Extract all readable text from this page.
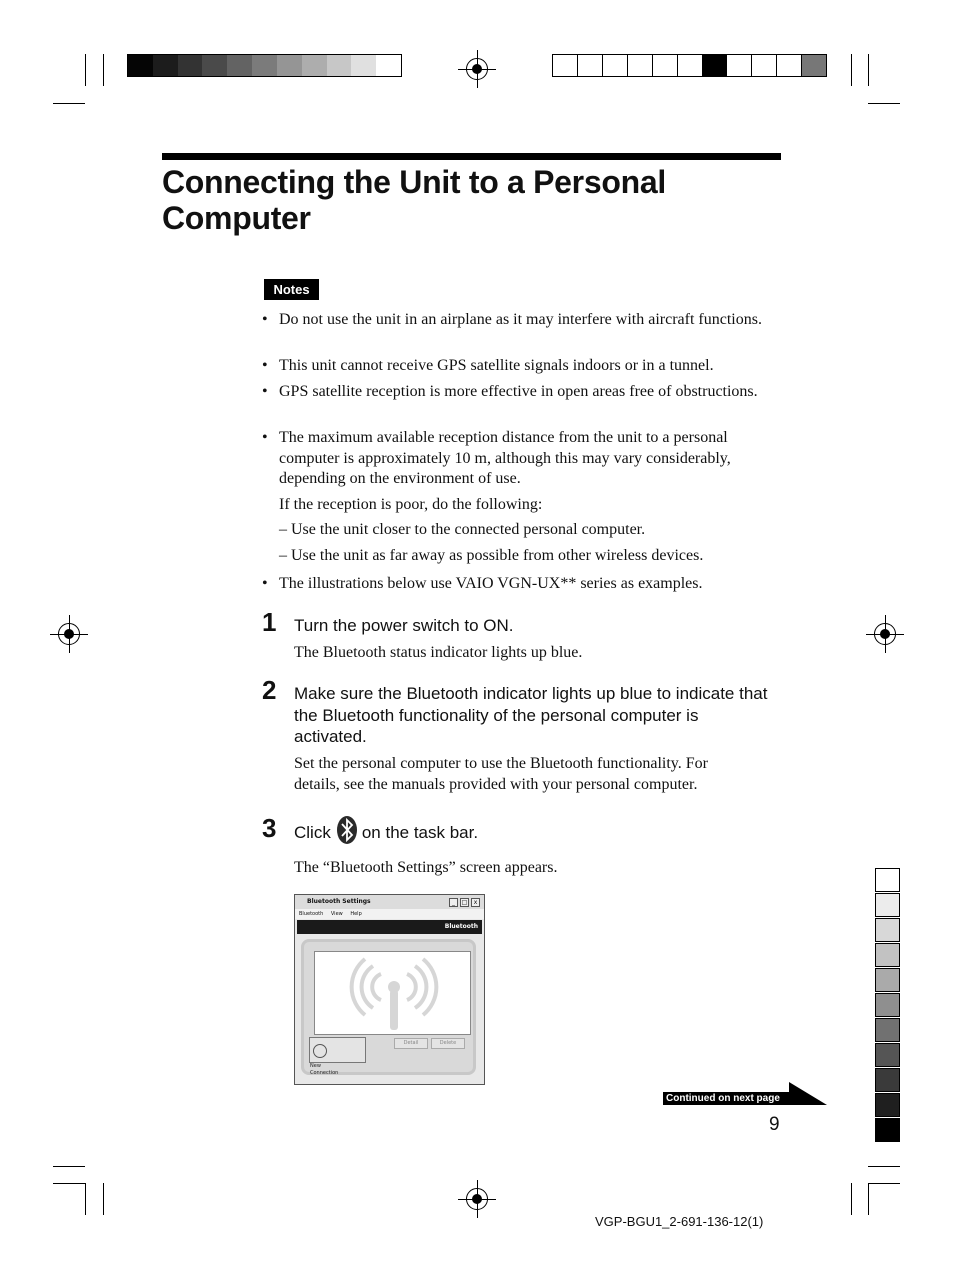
Connecting the Unit to a Personal Computer
Notes
• Do not use the unit in an airplane as it may interfere with aircraft functions.
• This unit cannot receive GPS satellite signals indoors or in a tunnel.
• GPS satellite reception is more effective in open areas free of obstructions.
• The maximum available reception distance from the unit to a personal computer is approximately 10 m, although this may vary considerably, depending on the environment of use.
If the reception is poor, do the following:
– Use the unit closer to the connected personal computer.
– Use the unit as far away as possible from other wireless devices.
• The illustrations below use VAIO VGN-UX** series as examples.
1 Turn the power switch to ON.
The Bluetooth status indicator lights up blue.
2 Make sure the Bluetooth indicator lights up blue to indicate that the Bluetooth functionality of the personal computer is activated.
Set the personal computer to use the Bluetooth functionality. For details, see the manuals provided with your personal computer.
3 Click on the task bar.
The “Bluetooth Settings” screen appears.
Bluetooth Settings	_	□	x
Bluetooth View Help
Bluetooth
New Connection
Detail	Delete
Continued on next page
9
VGP-BGU1_2-691-136-12(1)
